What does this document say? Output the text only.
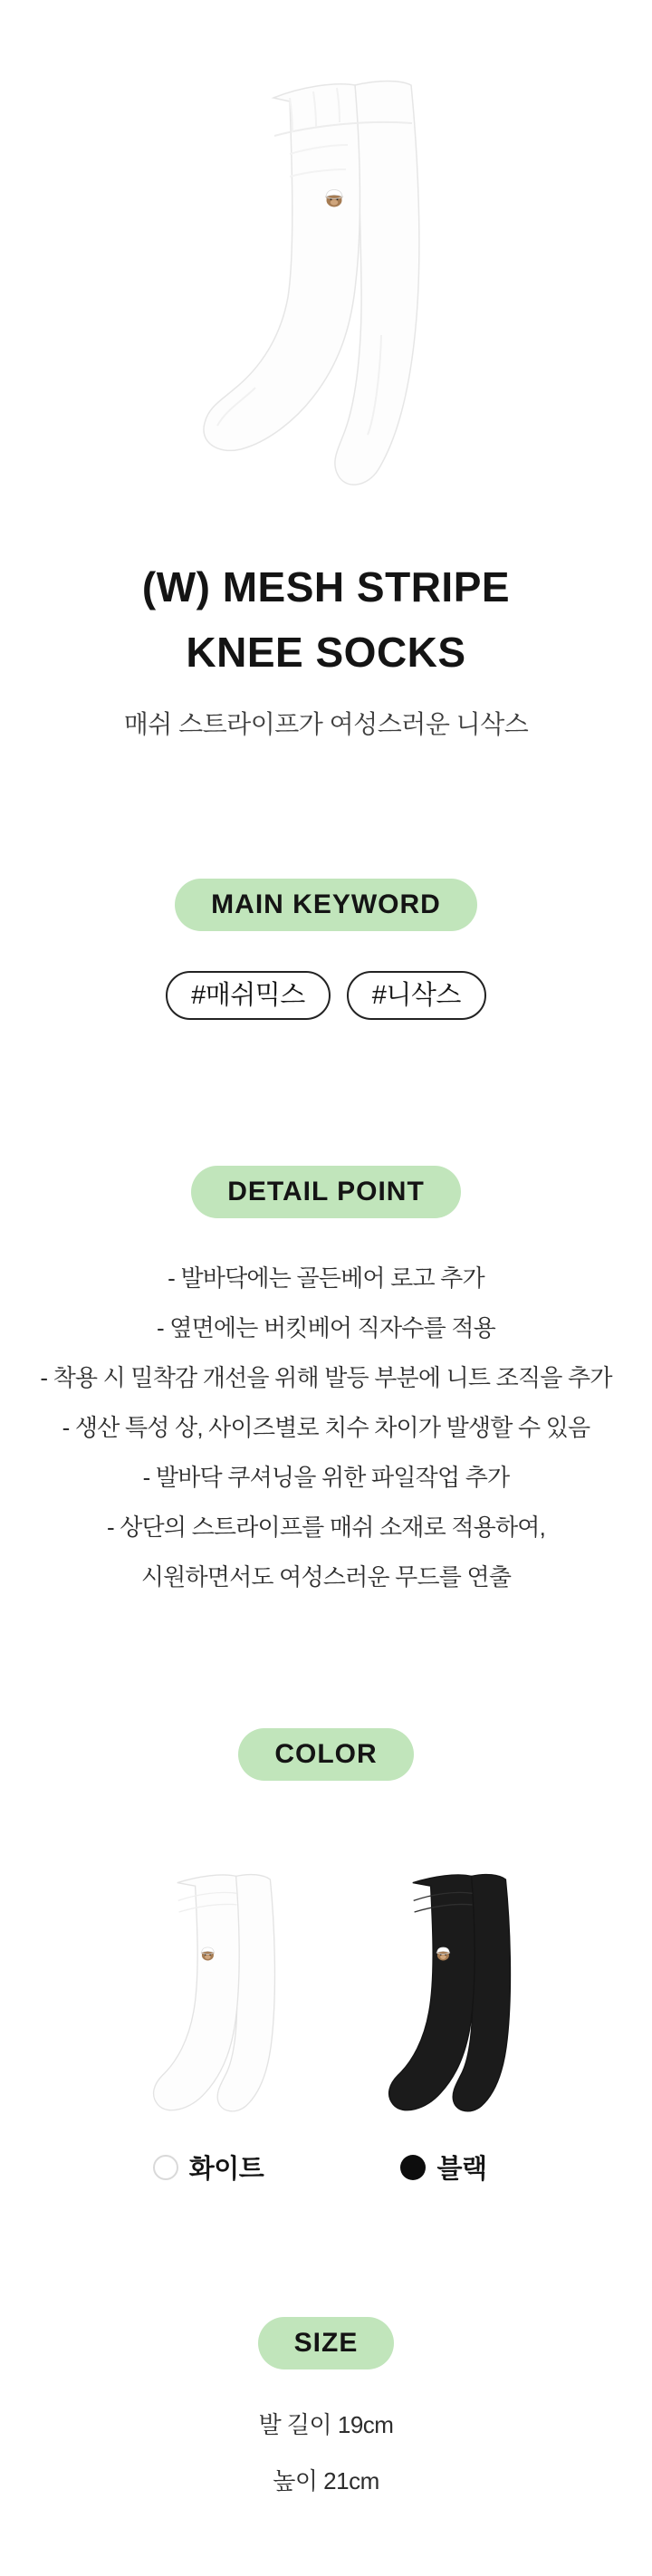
(W) MESH STRIPE
KNEE SOCKS
매쉬 스트라이프가 여성스러운 니삭스
MAIN KEYWORD
#매쉬믹스	#니삭스
DETAIL POINT
- 발바닥에는 골든베어 로고 추가
- 옆면에는 버킷베어 직자수를 적용
- 착용 시 밀착감 개선을 위해 발등 부분에 니트 조직을 추가
- 생산 특성 상, 사이즈별로 치수 차이가 발생할 수 있음
- 발바닥 쿠셔닝을 위한 파일작업 추가
- 상단의 스트라이프를 매쉬 소재로 적용하여,
시원하면서도 여성스러운 무드를 연출
COLOR
화이트	블랙
SIZE
발 길이 19cm
높이 21cm
